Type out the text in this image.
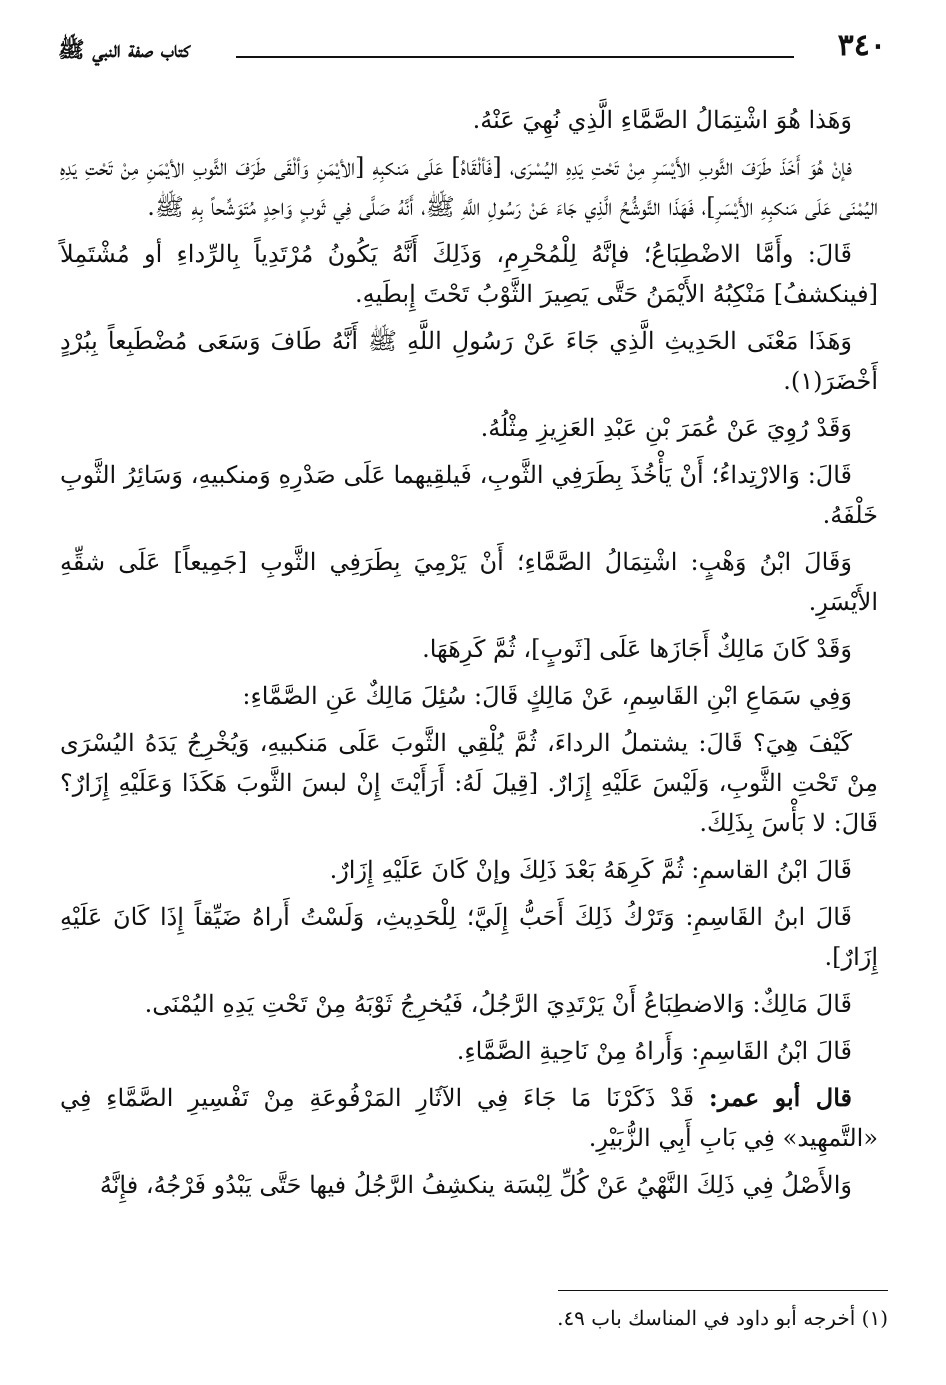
٣٤٠
كتاب صفة النبي ﷺ

وَهَذا هُوَ اشْتِمَالُ الصَّمَّاءِ الَّذِي نُهِيَ عَنْهُ.

فإنْ هُوَ أَخَذَ طَرَفَ الثَّوبِ الأَيْسَرِ مِنْ تَحْتِ يَدِهِ اليُسْرَى، [فَألْقَاهُ] عَلَى مَنكبِهِ [الأيْمَنِ وَألْقَى طَرَفَ الثَّوبِ الأيْمَنِ مِنْ تَحْتِ يَدِهِ اليُمْنَى عَلَى مَنكبِهِ الأَيْسَرِ]، فَهَذَا التَّوشُّحُ الَّذِي جَاءَ عَنْ رَسُولِ اللَّهِ ﷺ، أَنَّهُ صَلَّى فِي ثَوبٍ وَاحِدٍ مُتَوَشِّحاً بِهِ ﷺ.

قَالَ: وأَمَّا الاضْطِبَاعُ؛ فإنَّهُ لِلْمُحْرِمِ، وَذَلِكَ أَنَّهُ يَكُونُ مُرْتَدِياً بِالرِّداءِ أو مُشْتَمِلاً [فينكشفُ] مَنْكِبُهُ الأَيْمَنُ حَتَّى يَصِيرَ الثَّوْبُ تَحْتَ إِبطَيهِ.

وَهَذَا مَعْنَى الحَدِيثِ الَّذِي جَاءَ عَنْ رَسُولِ اللَّهِ ﷺ أَنَّهُ طَافَ وَسَعَى مُضْطَبِعاً بِبُرْدٍ أَخْضَرَ(١).

وَقَدْ رُوِيَ عَنْ عُمَرَ بْنِ عَبْدِ العَزِيزِ مِثْلُهُ.

قَالَ: وَالارْتِداءُ؛ أَنْ يَأْخُذَ بِطَرَفِي الثَّوبِ، فَيلقِيهما عَلَى صَدْرِهِ وَمنكبيهِ، وَسَائِرُ الثَّوبِ خَلْفَهُ.

وَقَالَ ابْنُ وَهْبٍ: اشْتِمَالُ الصَّمَّاءِ؛ أَنْ يَرْمِيَ بِطَرَفِي الثَّوبِ [جَمِيعاً] عَلَى شقِّهِ الأَيْسَرِ.

وَقَدْ كَانَ مَالِكٌ أَجَازَها عَلَى [ثَوبٍ]، ثُمَّ كَرِهَهَا.

وَفِي سَمَاعِ ابْنِ القَاسِمِ، عَنْ مَالِكٍ قَالَ: سُئِلَ مَالِكٌ عَنِ الصَّمَّاءِ:

كَيْفَ هِيَ؟ قَالَ: يشتملُ الرداءَ، ثُمَّ يُلْقِي الثَّوبَ عَلَى مَنكبيهِ، وَيُخْرِجُ يَدَهُ اليُسْرَى مِنْ تَحْتِ الثَّوبِ، وَلَيْسَ عَلَيْهِ إِزَارٌ. [قِيلَ لَهُ: أَرَأَيْتَ إِنْ لبسَ الثَّوبَ هَكَذَا وَعَلَيْهِ إِزَارٌ؟ قَالَ: لا بَأْسَ بِذَلِكَ.

قَالَ ابْنُ القاسمِ: ثُمَّ كَرِهَهُ بَعْدَ ذَلِكَ وإنْ كَانَ عَلَيْهِ إِزَارٌ.

قَالَ ابنُ القَاسِمِ: وَتَرْكُ ذَلِكَ أَحَبُّ إِلَيَّ؛ لِلْحَدِيثِ، وَلَسْتُ أَراهُ ضَيِّقاً إِذَا كَانَ عَلَيْهِ إِزَارٌ].

قَالَ مَالِكٌ: وَالاضطِبَاعُ أَنْ يَرْتَدِيَ الرَّجُلُ، فَيُخرِجُ ثَوْبَهُ مِنْ تَحْتِ يَدِهِ اليُمْنَى.

قَالَ ابْنُ القَاسِمِ: وَأَراهُ مِنْ نَاحِيةِ الصَّمَّاءِ.

قال أبو عمر: قَدْ ذَكَرْنَا مَا جَاءَ فِي الآثَارِ المَرْفُوعَةِ مِنْ تَفْسِيرِ الصَّمَّاءِ فِي «التَّمهِيد» فِي بَابِ أَبِي الزُّبَيْرِ.

وَالأَصْلُ فِي ذَلِكَ النَّهْيُ عَنْ كُلِّ لِبْسَة ينكشِفُ الرَّجُلُ فيها حَتَّى يَبْدُو فَرْجُهُ، فإِنَّهُ

(١) أخرجه أبو داود في المناسك باب ٤٩.
